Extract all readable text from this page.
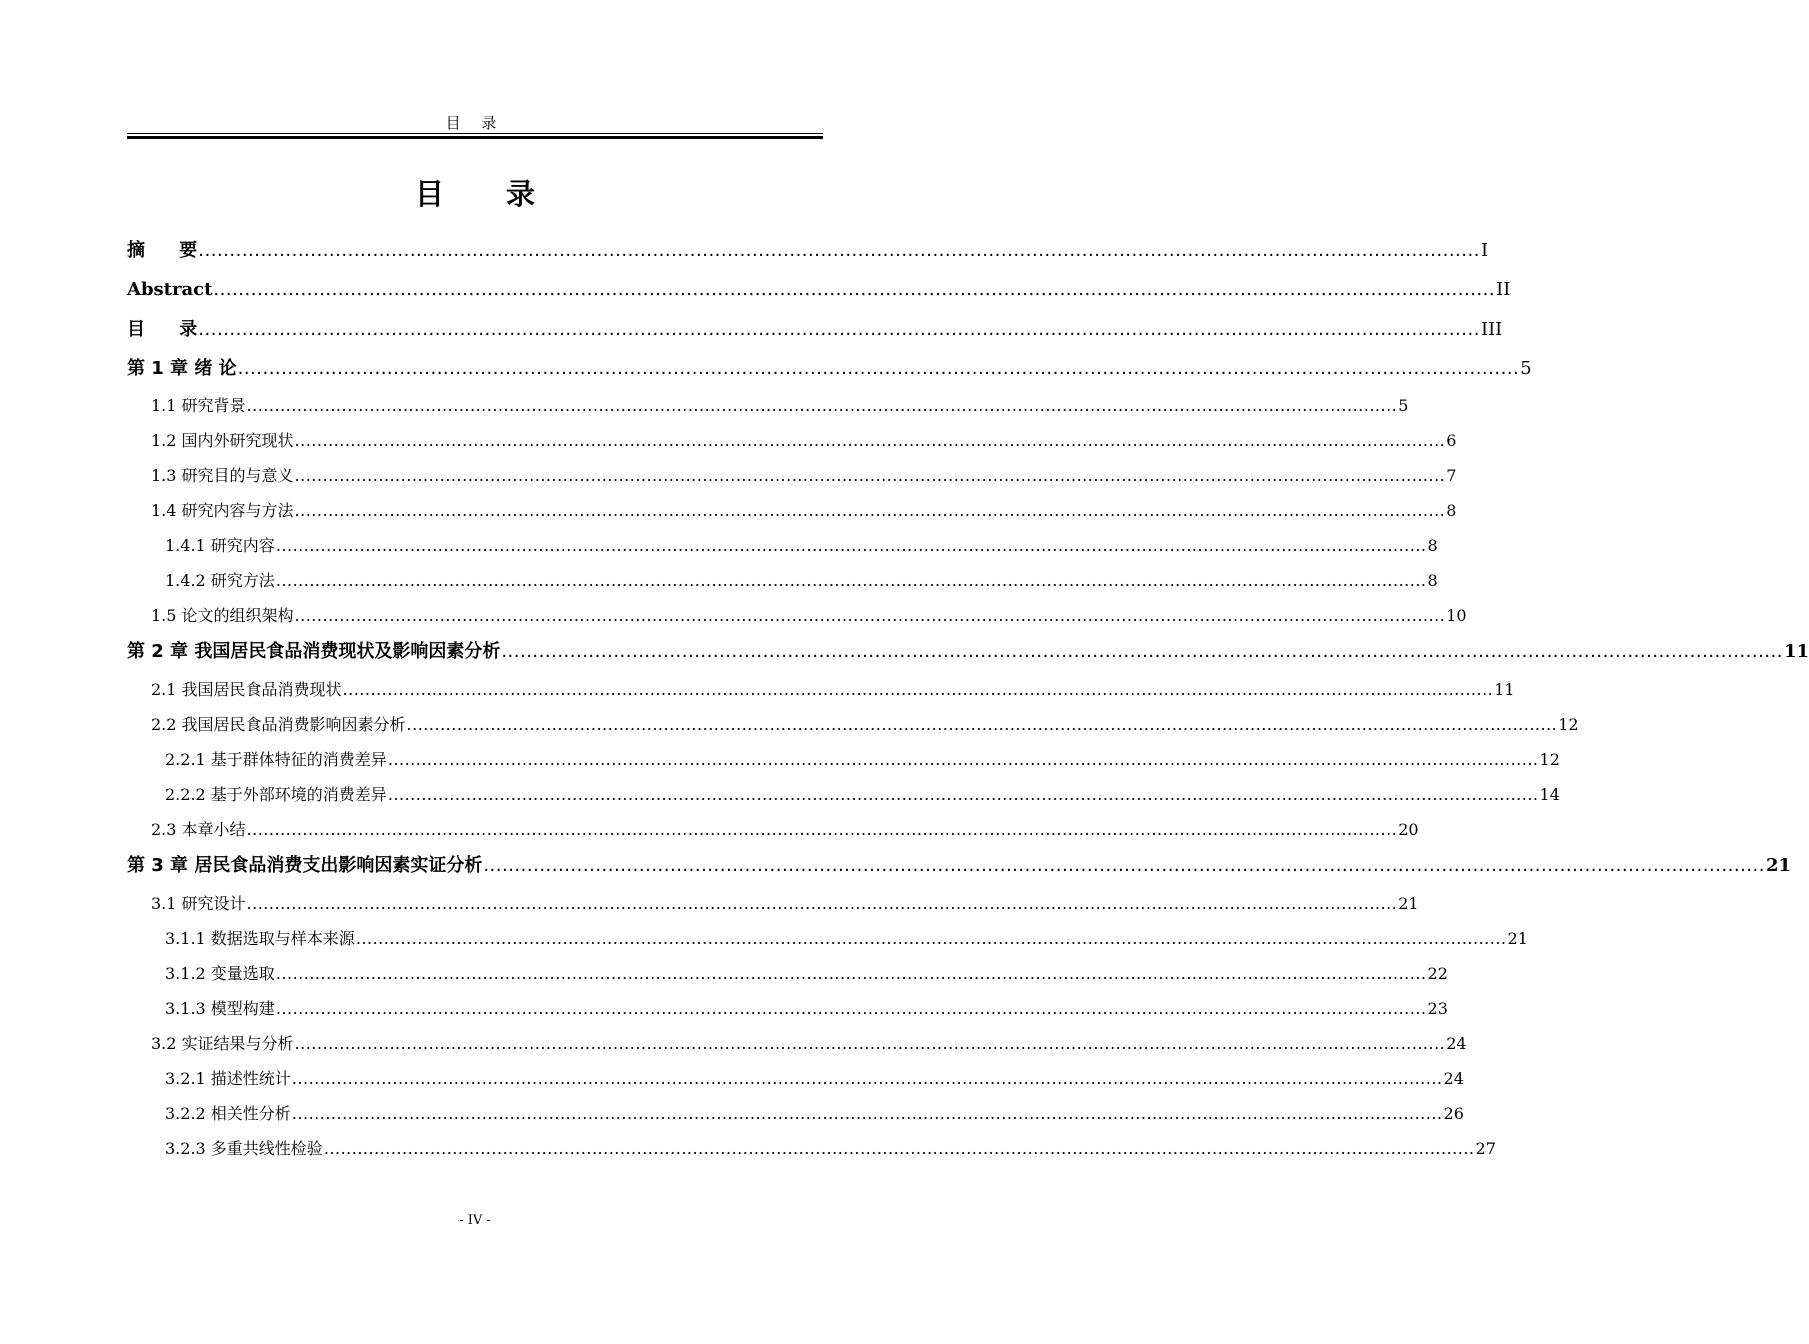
目 录
目 录
摘 要
.............................................................................................................................................................................................................. I
Abstract .............................................................................................................................................................................................................. II
目 录
.............................................................................................................................................................................................................. III
第 1 章 绪 论 .............................................................................................................................................................................................................. 5
1.1 研究背景 .............................................................................................................................................................................................................. 5
1.2 国内外研究现状 .............................................................................................................................................................................................................. 6
1.3 研究目的与意义 .............................................................................................................................................................................................................. 7
1.4 研究内容与方法 .............................................................................................................................................................................................................. 8
1.4.1 研究内容 .............................................................................................................................................................................................................. 8
1.4.2 研究方法 .............................................................................................................................................................................................................. 8
1.5 论文的组织架构 .............................................................................................................................................................................................................. 10
第 2 章 我国居民食品消费现状及影响因素分析 .............................................................................................................................................................................................................. 11
2.1 我国居民食品消费现状 .............................................................................................................................................................................................................. 11
2.2 我国居民食品消费影响因素分析 .............................................................................................................................................................................................................. 12
2.2.1 基于群体特征的消费差异 .............................................................................................................................................................................................................. 12
2.2.2 基于外部环境的消费差异 .............................................................................................................................................................................................................. 14
2.3 本章小结 .............................................................................................................................................................................................................. 20
第 3 章 居民食品消费支出影响因素实证分析 .............................................................................................................................................................................................................. 21
3.1 研究设计 .............................................................................................................................................................................................................. 21
3.1.1 数据选取与样本来源 .............................................................................................................................................................................................................. 21
3.1.2 变量选取 .............................................................................................................................................................................................................. 22
3.1.3 模型构建 .............................................................................................................................................................................................................. 23
3.2 实证结果与分析 .............................................................................................................................................................................................................. 24
3.2.1 描述性统计 .............................................................................................................................................................................................................. 24
3.2.2 相关性分析 .............................................................................................................................................................................................................. 26
3.2.3 多重共线性检验 .............................................................................................................................................................................................................. 27
- IV -
